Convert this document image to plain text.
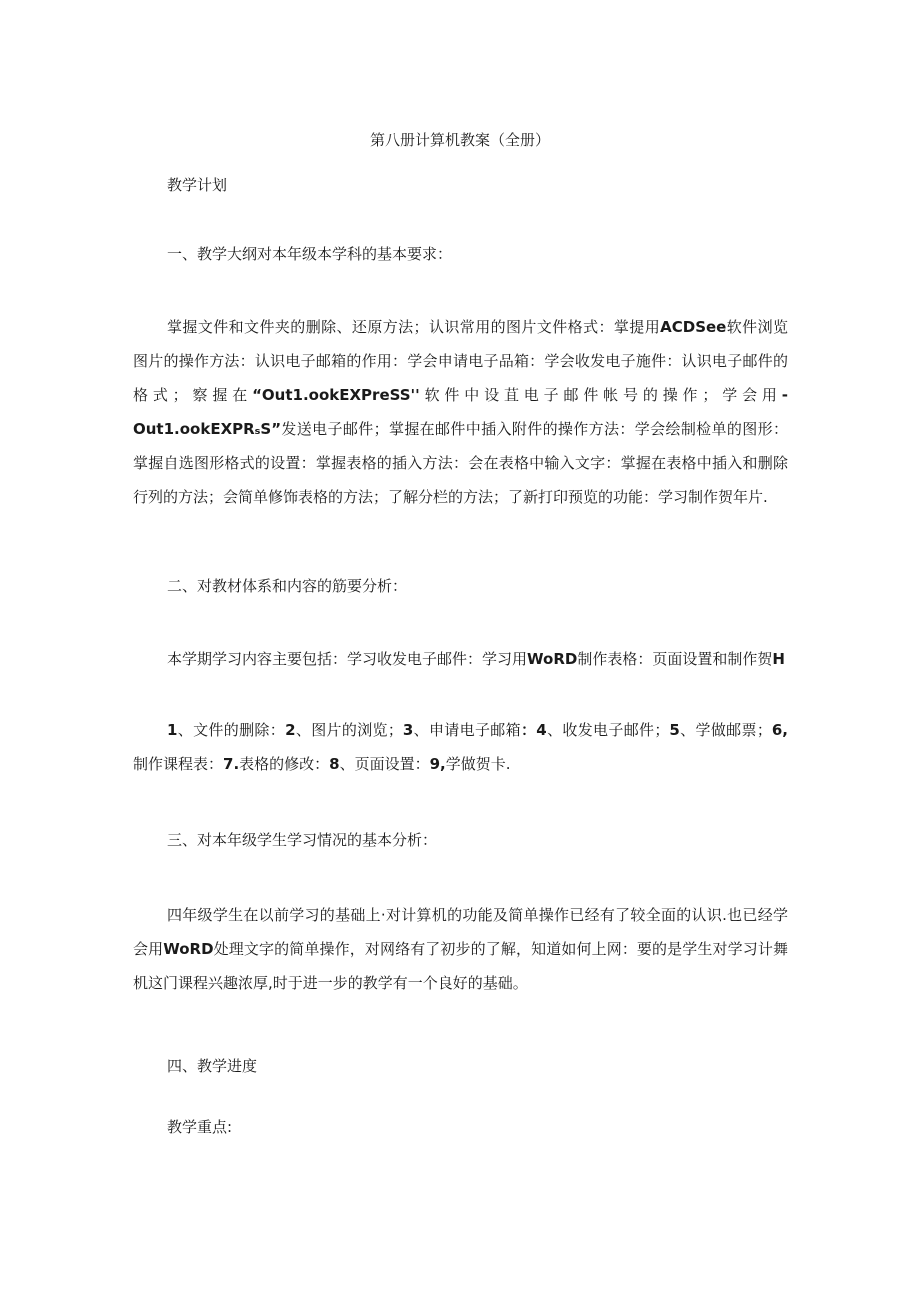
第八册计算机教案（全册）
教学计划
一、教学大纲对本年级本学科的基本要求：
掌握文件和文件夹的删除、还原方法；认识常用的图片文件格式：掌提用ACDSee软件浏览图片的操作方法：认识电子邮箱的作用：学会申请电子品箱：学会收发电子施件：认识电子邮件的格式；察握在“Out1.ookEXPreSS''软件中设苴电子邮件帐号的操作；学会用-Out1.ookEXPRₛS”发送电子邮件；掌握在邮件中插入附件的操作方法：学会绘制检单的图形：掌握自选图形格式的设置：掌握表格的插入方法：会在表格中输入文字：掌握在表格中插入和删除行列的方法；会简单修饰表格的方法；了解分栏的方法；了新打印预览的功能：学习制作贺年片.
二、对教材体系和内容的筋要分析：
本学期学习内容主要包括：学习收发电子邮件：学习用WoRD制作表格：页面设置和制作贺H
1、文件的删除：2、图片的浏览；3、申请电子邮箱：4、收发电子邮件；5、学做邮票；6,制作课程表：7.表格的修改：8、页面设置：9,学做贺卡.
三、对本年级学生学习情况的基本分析：
四年级学生在以前学习的基础上·对计算机的功能及简单操作已经有了较全面的认识.也已经学会用WoRD处理文字的简单操作，对网络有了初步的了解，知道如何上网：要的是学生对学习计舞机这门课程兴趣浓厚,时于进一步的教学有一个良好的基础。
四、教学进度
教学重点:
